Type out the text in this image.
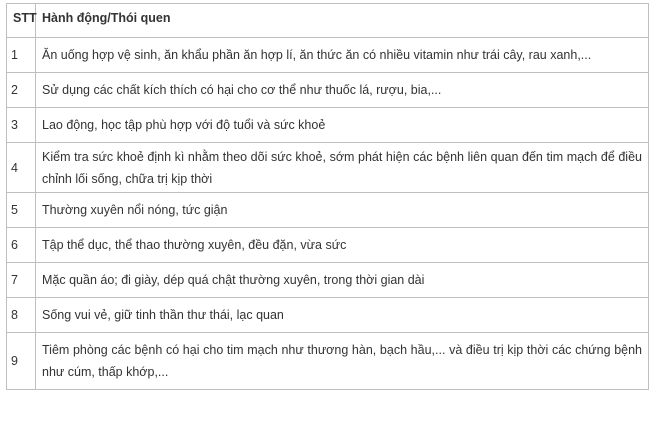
STT	Hành động/Thói quen
1	Ăn uống hợp vệ sinh, ăn khẩu phần ăn hợp lí, ăn thức ăn có nhiều vitamin như trái cây, rau xanh,...
2	Sử dụng các chất kích thích có hại cho cơ thể như thuốc lá, rượu, bia,...
3	Lao động, học tập phù hợp với độ tuổi và sức khoẻ
4	Kiểm tra sức khoẻ định kì nhằm theo dõi sức khoẻ, sớm phát hiện các bệnh liên quan đến tim mạch để điều chỉnh lối sống, chữa trị kịp thời
5	Thường xuyên nổi nóng, tức giận
6	Tập thể dục, thể thao thường xuyên, đều đặn, vừa sức
7	Mặc quần áo; đi giày, dép quá chật thường xuyên, trong thời gian dài
8	Sống vui vẻ, giữ tinh thần thư thái, lạc quan
9	Tiêm phòng các bệnh có hại cho tim mạch như thương hàn, bạch hầu,... và điều trị kịp thời các chứng bệnh như cúm, thấp khớp,...
